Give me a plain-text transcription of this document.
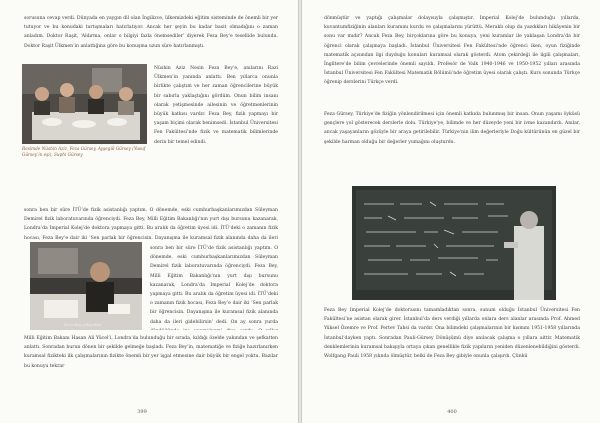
sorusuna cevap verdi. Dünyada en yaygın dil olan İngilizce, ülkemizdeki eğitim sisteminde de önemli bir yer tutuyor ve bu konudaki tartışmaları hatırlatıyor. Ancak her şeyin bu kadar basit olmadığını o zaman anladım. Doktor Raşit, ‘Aldırma, onlar o bilgiyi fazla önemsediler’ diyerek Feza Bey’e tesellide bulundu. Doktor Raşit Ülkmen’in anlattığına göre bu konuşma uzun süre hatırlanmıştı.

Resimde Nüshin Aziz, Feza Gürsey, Ayşegül Gürsey (Yusuf Gürsey’in eşi), Suphi Gürsey

Nüshin Aziz Nesin Feza Bey’e, anılarını Razi Ülkmen’in yanında anlattı. Ben yıllarca onunla birlikte çalıştım ve her zaman öğrencilerine büyük bir sabırla yaklaştığını gördüm. Onun bilim insanı olarak yetişmesinde ailesinin ve öğretmenlerinin büyük katkısı vardır. Feza Bey, fizik yapmayı bir yaşam biçimi olarak benimsedi. İstanbul Üniversitesi Fen Fakültesi’nde fizik ve matematik bilimlerinde derin bir temel edindi.

sonra ben bir süre İTÜ’de fizik asistanlığı yaptım. O dönemde, eski cumhurbaşkanlarımızdan Süleyman Demirel fizik laboratuvarında öğrenciydi. Feza Bey, Milli Eğitim Bakanlığı’nın yurt dışı bursunu kazanarak, Londra’da Imperial Kolej’de doktora yapmaya gitti. Bu aralık da öğretim üyesi idi. İTÜ’deki o zamanın fizik hocası, Feza Bey’e dair iki ‘Sen parlak bir öğrencisin. Dayanışma ile kuramsal fizik alanında daha da ileri

Feza Bey çalışırken

sonra ben bir süre İTÜ’de fizik asistanlığı yaptım. O dönemde, eski cumhurbaşkanlarımızdan Süleyman Demirel fizik laboratuvarında öğrenciydi. Feza Bey, Milli Eğitim Bakanlığı’nın yurt dışı bursunu kazanarak, Londra’da Imperial Kolej’de doktora yapmaya gitti. Bu aralık da öğretim üyesi idi. İTÜ’deki o zamanın fizik hocası, Feza Bey’e dair iki ‘Sen parlak bir öğrencisin. Dayanışma ile kuramsal fizik alanında daha da ileri gidebilirsin’ dedi. On ay sonra yurda

Milli Eğitim Bakanı Hasan Ali Yücel’i, Londra’da bulunduğu bir sırada, kıldığı özelde yakından ve şefkatten anlattı. Sonradan burun dönen bir şekilde gelmeğe başladı. Feza Bey’in, matematiğe ve fiziğe hazırlanırken kuramsal fizikteki ilk çalışmalarının fizikte önemli bir yer işgal etmesine dair büyük bir engel yoktu. Bazılar bu konuyu tekrar

399

dönmüştür ve yaptığı çalışmalar dolayısıyla çalışmıştır. Imperial Kolej’de bulunduğu yıllarda, kuvantumfiziğinin alanları kuramını kurdu ve çalışmalarını yürüttü. Meraklı olup da yazdıkları hikâyenin bir sonu var mıdır? Ancak Feza Bey, birçoklarına göre bu konuya, yeni kuramlar ile yaklaşan Londra’da bir öğrenci olarak çalışmaya başladı. İstanbul Üniversitesi Fen Fakültesi’nde öğrenci iken, oyun fiziğinde matematik açısından ilgi duyduğu konuları kuramsal olarak gösterdi. Atom çekirdeği ile ilgili çalışmaları, İngiltere’de bilim çevrelerinde önemli sayıldı. Profesör de Valk 1940-1946 ve 1950-1952 yılları arasında İstanbul Üniversitesi Fen Fakültesi Matematik Bölümü’nde öğretim üyesi olarak çalıştı. Kurs sonunda Türkçe öğrenip derslerini Türkçe verdi.

Feza Gürsey, Türkiye’de fiziğin yönlendirilmesi için önemli katkıda bulunmuş bir insan. Onun yaşamı öyküsü gençlere yol gösterecek derslerle dolu. Türkiye’ye, bilimde ve her düzeyde yeni bir ivme kazandırdı. Anılar, ancak yaşayanların gözüyle bir araya getirilebilir. Türkiye’nin ilim değerleriyle Doğu kültürünün en güzel bir şekilde harman olduğu bir değerler yumağını oluşturdu.

Feza Bey Imperial Kolej’de doktorasını tamamladıktan sonra, sunum olduğu İstanbul Üniversitesi Fen Fakültesi’ne asistan olarak girer. İstanbul’da ders verdiği yıllarda onlara ders alanlar arasında Prof. Ahmed Yüksel Özemre ve Prof. Pertev Tahsi da vardır. Ona bilimdeki çalışmalarının bir kısmını 1951-1958 yıllarında İstanbul’dayken yaptı. Sonradan Pauli-Gürsey Dönüşümü diye anılacak çalışma o yıllara aittir. Matematik denklemlerinin kuramsal bakışıyla ortaya çıkan genellikle fizik yapıların yeniden düzenlenebildiğini gösterdi. Wolfgang Pauli 1958 yılında ölmüştür, belki de Feza Bey gibiyle onunla çalışırdı. Çünkü

400
